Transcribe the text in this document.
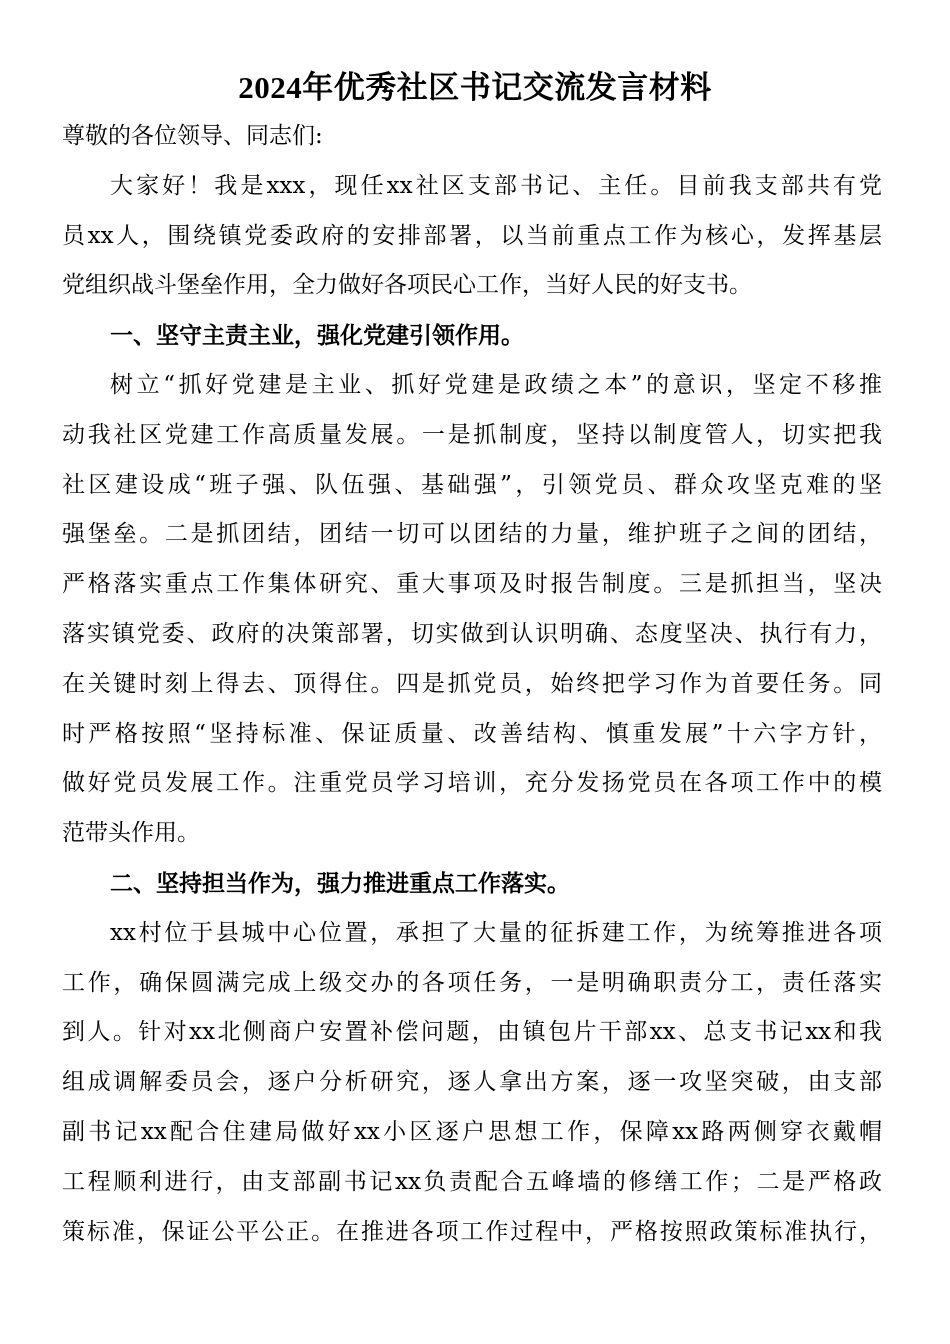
2024年优秀社区书记交流发言材料
尊敬的各位领导、同志们:
大家好！我是xxx，现任xx社区支部书记、主任。目前我支部共有党
员xx人，围绕镇党委政府的安排部署，以当前重点工作为核心，发挥基层
党组织战斗堡垒作用，全力做好各项民心工作，当好人民的好支书。
一、坚守主责主业，强化党建引领作用。
树立“抓好党建是主业、抓好党建是政绩之本”的意识，坚定不移推
动我社区党建工作高质量发展。一是抓制度，坚持以制度管人，切实把我
社区建设成“班子强、队伍强、基础强”，引领党员、群众攻坚克难的坚
强堡垒。二是抓团结，团结一切可以团结的力量，维护班子之间的团结，
严格落实重点工作集体研究、重大事项及时报告制度。三是抓担当，坚决
落实镇党委、政府的决策部署，切实做到认识明确、态度坚决、执行有力，
在关键时刻上得去、顶得住。四是抓党员，始终把学习作为首要任务。同
时严格按照“坚持标准、保证质量、改善结构、慎重发展”十六字方针，
做好党员发展工作。注重党员学习培训，充分发扬党员在各项工作中的模
范带头作用。
二、坚持担当作为，强力推进重点工作落实。
xx村位于县城中心位置，承担了大量的征拆建工作，为统筹推进各项
工作，确保圆满完成上级交办的各项任务，一是明确职责分工，责任落实
到人。针对xx北侧商户安置补偿问题，由镇包片干部xx、总支书记xx和我
组成调解委员会，逐户分析研究，逐人拿出方案，逐一攻坚突破，由支部
副书记xx配合住建局做好xx小区逐户思想工作，保障xx路两侧穿衣戴帽
工程顺利进行，由支部副书记xx负责配合五峰墙的修缮工作；二是严格政
策标准，保证公平公正。在推进各项工作过程中，严格按照政策标准执行，
